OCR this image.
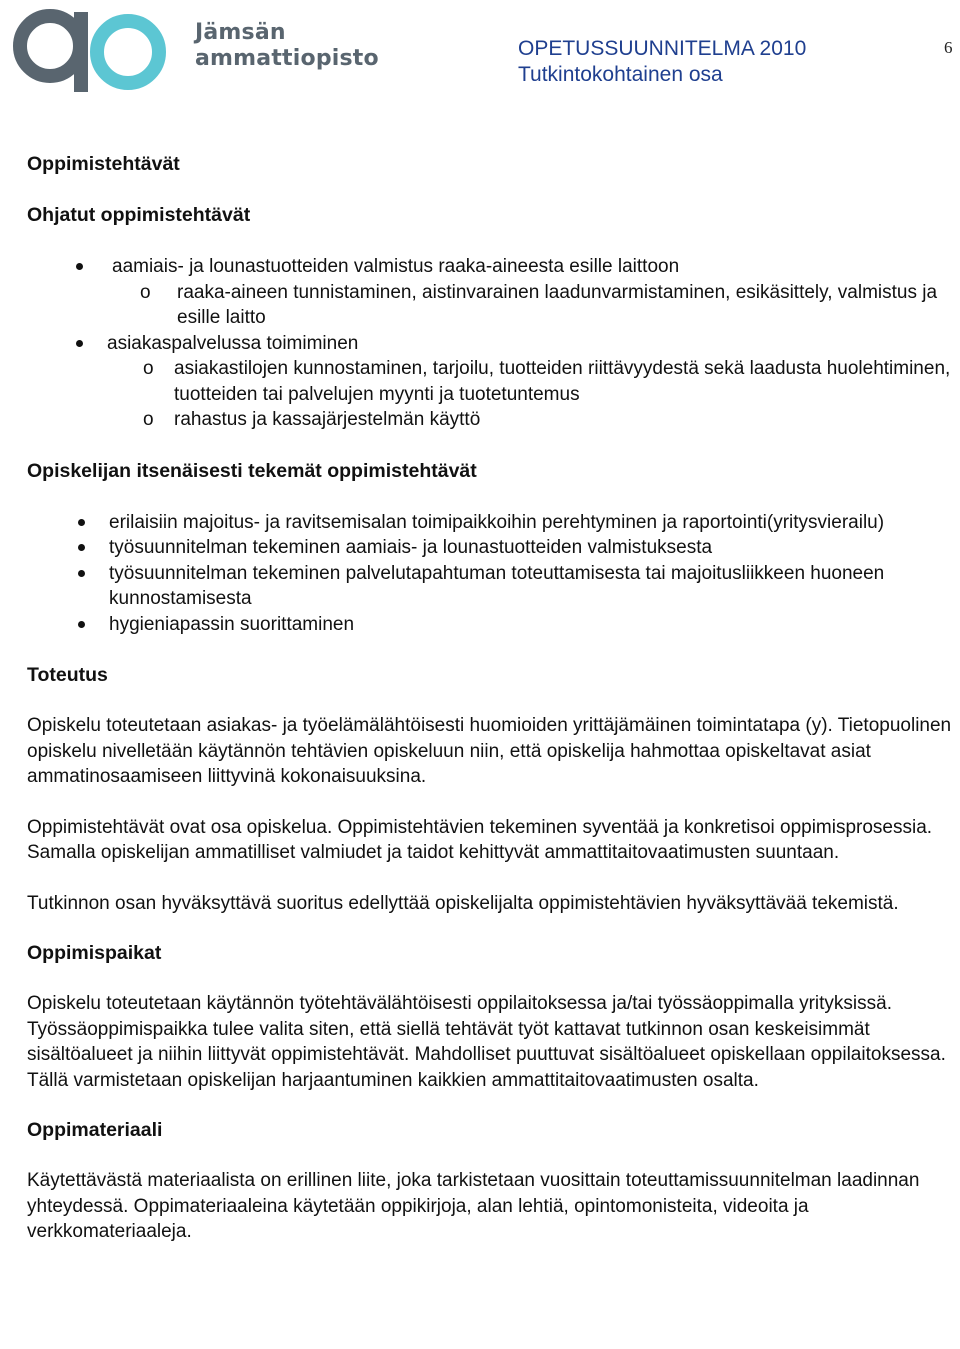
Jämsän
ammattiopisto	OPETUSSUUNNITELMA 2010
Tutkintokohtainen osa
6
Oppimistehtävät
Ohjatut oppimistehtävät
aamiais- ja lounastuotteiden valmistus raaka-aineesta esille laittoon
o raaka-aineen tunnistaminen, aistinvarainen laadunvarmistaminen, esikäsittely, valmistus ja esille laitto
asiakaspalvelussa toimiminen
o asiakastilojen kunnostaminen, tarjoilu, tuotteiden riittävyydestä sekä laadusta huolehtiminen, tuotteiden tai palvelujen myynti ja tuotetuntemus
o rahastus ja kassajärjestelmän käyttö
Opiskelijan itsenäisesti tekemät oppimistehtävät
erilaisiin majoitus- ja ravitsemisalan toimipaikkoihin perehtyminen ja raportointi(yritysvierailu)
työsuunnitelman tekeminen aamiais- ja lounastuotteiden valmistuksesta
työsuunnitelman tekeminen palvelutapahtuman toteuttamisesta tai majoitusliikkeen huoneen kunnostamisesta
hygieniapassin suorittaminen
Toteutus

Opiskelu toteutetaan asiakas- ja työelämälähtöisesti huomioiden yrittäjämäinen toimintatapa (y). Tietopuolinen opiskelu nivelletään käytännön tehtävien opiskeluun niin, että opiskelija hahmottaa opiskeltavat asiat ammatinosaamiseen liittyvinä kokonaisuuksina.

Oppimistehtävät ovat osa opiskelua. Oppimistehtävien tekeminen syventää ja konkretisoi oppimisprosessia. Samalla opiskelijan ammatilliset valmiudet ja taidot kehittyvät ammattitaitovaatimusten suuntaan.

Tutkinnon osan hyväksyttävä suoritus edellyttää opiskelijalta oppimistehtävien hyväksyttävää tekemistä.

Oppimispaikat

Opiskelu toteutetaan käytännön työtehtävälähtöisesti oppilaitoksessa ja/tai työssäoppimalla yrityksissä. Työssäoppimispaikka tulee valita siten, että siellä tehtävät työt kattavat tutkinnon osan keskeisimmät sisältöalueet ja niihin liittyvät oppimistehtävät. Mahdolliset puuttuvat sisältöalueet opiskellaan oppilaitoksessa. Tällä varmistetaan opiskelijan harjaantuminen kaikkien ammattitaitovaatimusten osalta.

Oppimateriaali

Käytettävästä materiaalista on erillinen liite, joka tarkistetaan vuosittain toteuttamissuunnitelman laadinnan yhteydessä. Oppimateriaaleina käytetään oppikirjoja, alan lehtiä, opintomonisteita, videoita ja verkkomateriaaleja.
